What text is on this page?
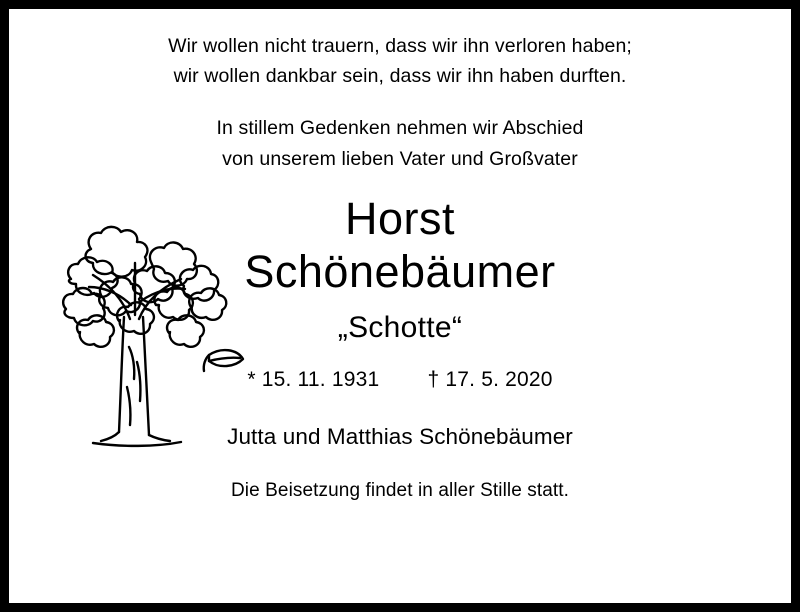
Wir wollen nicht trauern, dass wir ihn verloren haben;
wir wollen dankbar sein, dass wir ihn haben durften.
In stillem Gedenken nehmen wir Abschied
von unserem lieben Vater und Großvater
Horst
Schönebäumer
„Schotte“
* 15. 11. 1931 † 17. 5. 2020
Jutta und Matthias Schönebäumer
Die Beisetzung findet in aller Stille statt.
